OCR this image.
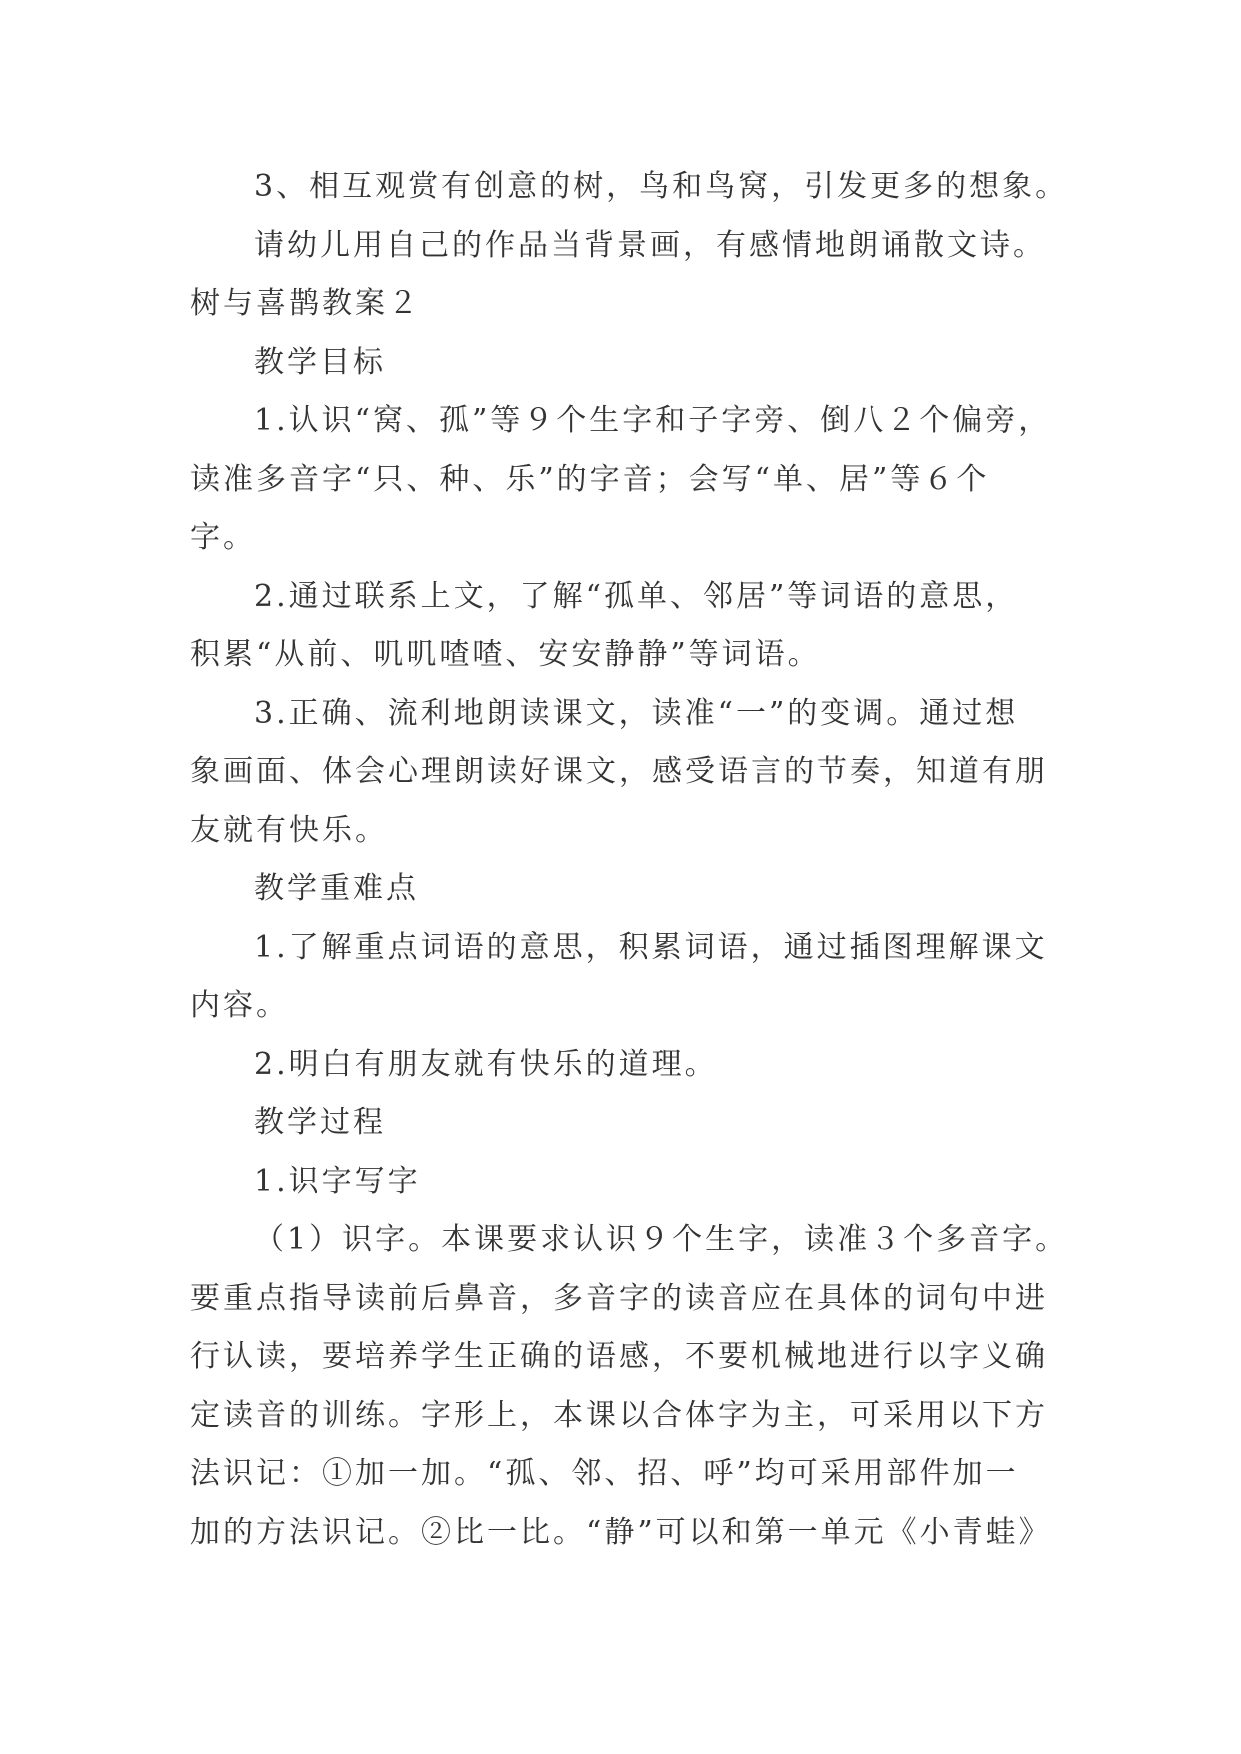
3、相互观赏有创意的树，鸟和鸟窝，引发更多的想象。
请幼儿用自己的作品当背景画，有感情地朗诵散文诗。
树与喜鹊教案２
教学目标
1.认识“窝、孤”等９个生字和子字旁、倒八２个偏旁，
读准多音字“只、种、乐”的字音；会写“单、居”等６个
字。
2.通过联系上文，了解“孤单、邻居”等词语的意思，
积累“从前、叽叽喳喳、安安静静”等词语。
3.正确、流利地朗读课文，读准“一”的变调。通过想
象画面、体会心理朗读好课文，感受语言的节奏，知道有朋
友就有快乐。
教学重难点
1.了解重点词语的意思，积累词语，通过插图理解课文
内容。
2.明白有朋友就有快乐的道理。
教学过程
1.识字写字
（1）识字。本课要求认识９个生字，读准３个多音字。
要重点指导读前后鼻音，多音字的读音应在具体的词句中进
行认读，要培养学生正确的语感，不要机械地进行以字义确
定读音的训练。字形上，本课以合体字为主，可采用以下方
法识记：①加一加。“孤、邻、招、呼”均可采用部件加一
加的方法识记。②比一比。“静”可以和第一单元《小青蛙》
